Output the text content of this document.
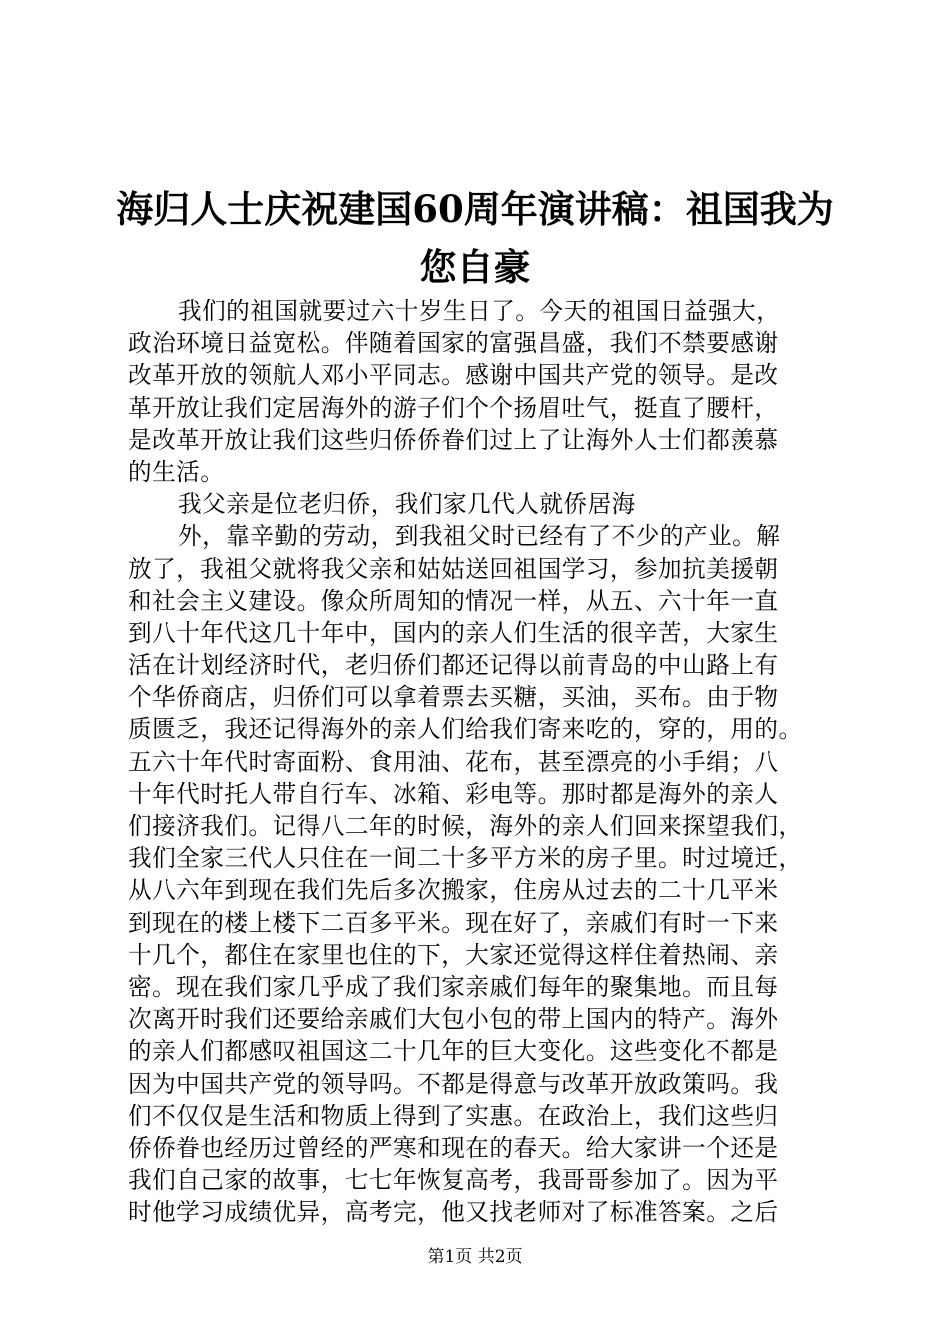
海归人士庆祝建国60周年演讲稿：祖国我为
您自豪
我们的祖国就要过六十岁生日了。今天的祖国日益强大，
政治环境日益宽松。伴随着国家的富强昌盛，我们不禁要感谢
改革开放的领航人邓小平同志。感谢中国共产党的领导。是改
革开放让我们定居海外的游子们个个扬眉吐气，挺直了腰杆，
是改革开放让我们这些归侨侨眷们过上了让海外人士们都羡慕
的生活。
我父亲是位老归侨，我们家几代人就侨居海
外，靠辛勤的劳动，到我祖父时已经有了不少的产业。解
放了，我祖父就将我父亲和姑姑送回祖国学习，参加抗美援朝
和社会主义建设。像众所周知的情况一样，从五、六十年一直
到八十年代这几十年中，国内的亲人们生活的很辛苦，大家生
活在计划经济时代，老归侨们都还记得以前青岛的中山路上有
个华侨商店，归侨们可以拿着票去买糖，买油，买布。由于物
质匮乏，我还记得海外的亲人们给我们寄来吃的，穿的，用的。
五六十年代时寄面粉、食用油、花布，甚至漂亮的小手绢；八
十年代时托人带自行车、冰箱、彩电等。那时都是海外的亲人
们接济我们。记得八二年的时候，海外的亲人们回来探望我们，
我们全家三代人只住在一间二十多平方米的房子里。时过境迁，
从八六年到现在我们先后多次搬家，住房从过去的二十几平米
到现在的楼上楼下二百多平米。现在好了，亲戚们有时一下来
十几个，都住在家里也住的下，大家还觉得这样住着热闹、亲
密。现在我们家几乎成了我们家亲戚们每年的聚集地。而且每
次离开时我们还要给亲戚们大包小包的带上国内的特产。海外
的亲人们都感叹祖国这二十几年的巨大变化。这些变化不都是
因为中国共产党的领导吗。不都是得意与改革开放政策吗。我
们不仅仅是生活和物质上得到了实惠。在政治上，我们这些归
侨侨眷也经历过曾经的严寒和现在的春天。给大家讲一个还是
我们自己家的故事，七七年恢复高考，我哥哥参加了。因为平
时他学习成绩优异，高考完，他又找老师对了标准答案。之后
第1页 共2页
